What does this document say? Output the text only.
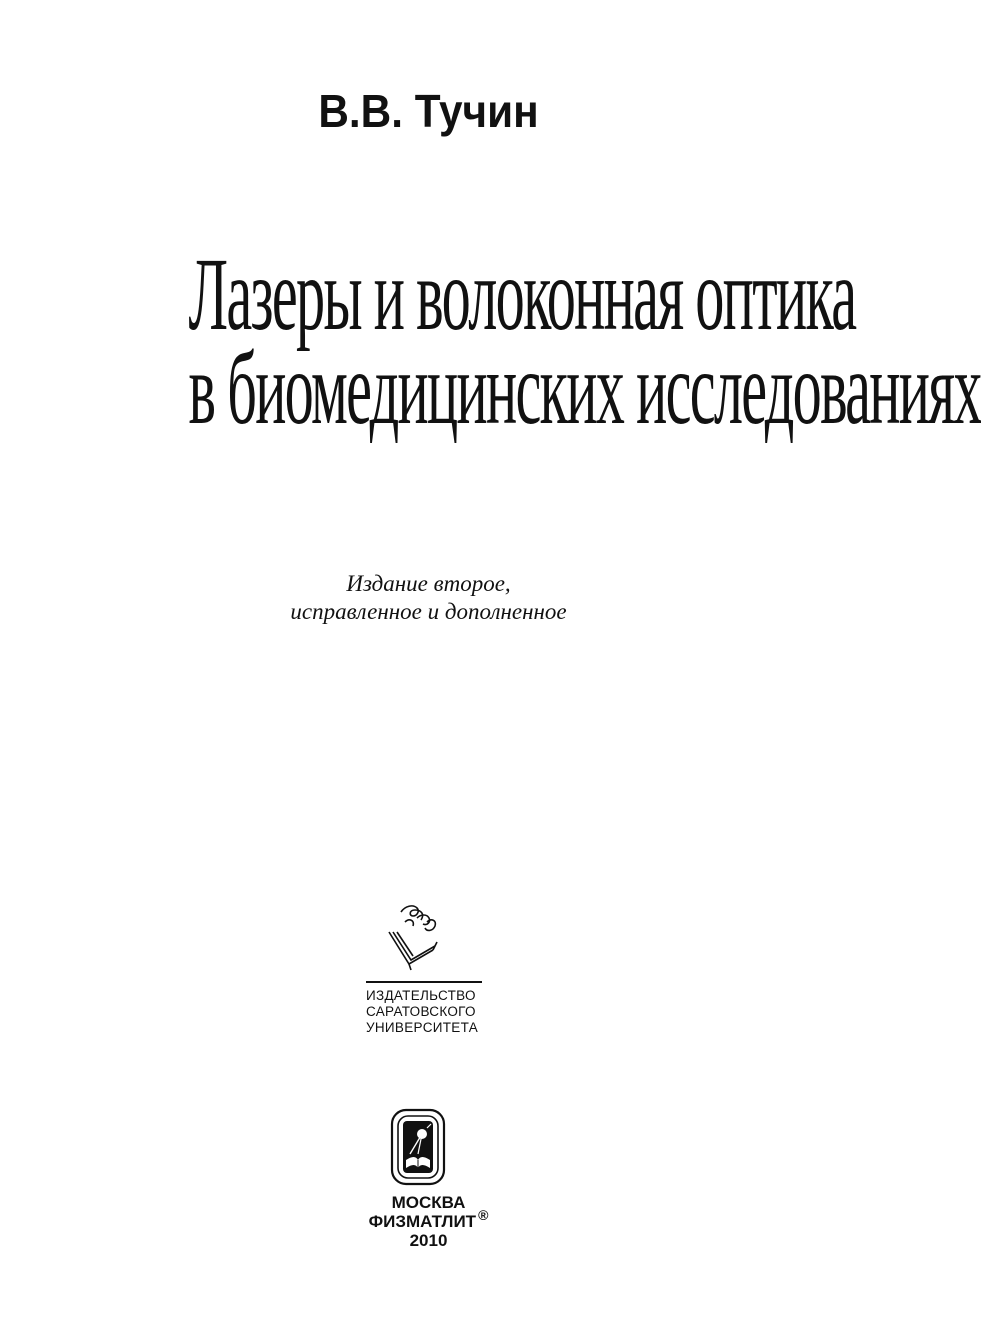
В.В. Тучин
Лазеры и волоконная оптика
в биомедицинских исследованиях
Издание второе,
исправленное и дополненное
ИЗДАТЕЛЬСТВО
САРАТОВСКОГО
УНИВЕРСИТЕТА
МОСКВА
ФИЗМАТЛИТ ®
2010
